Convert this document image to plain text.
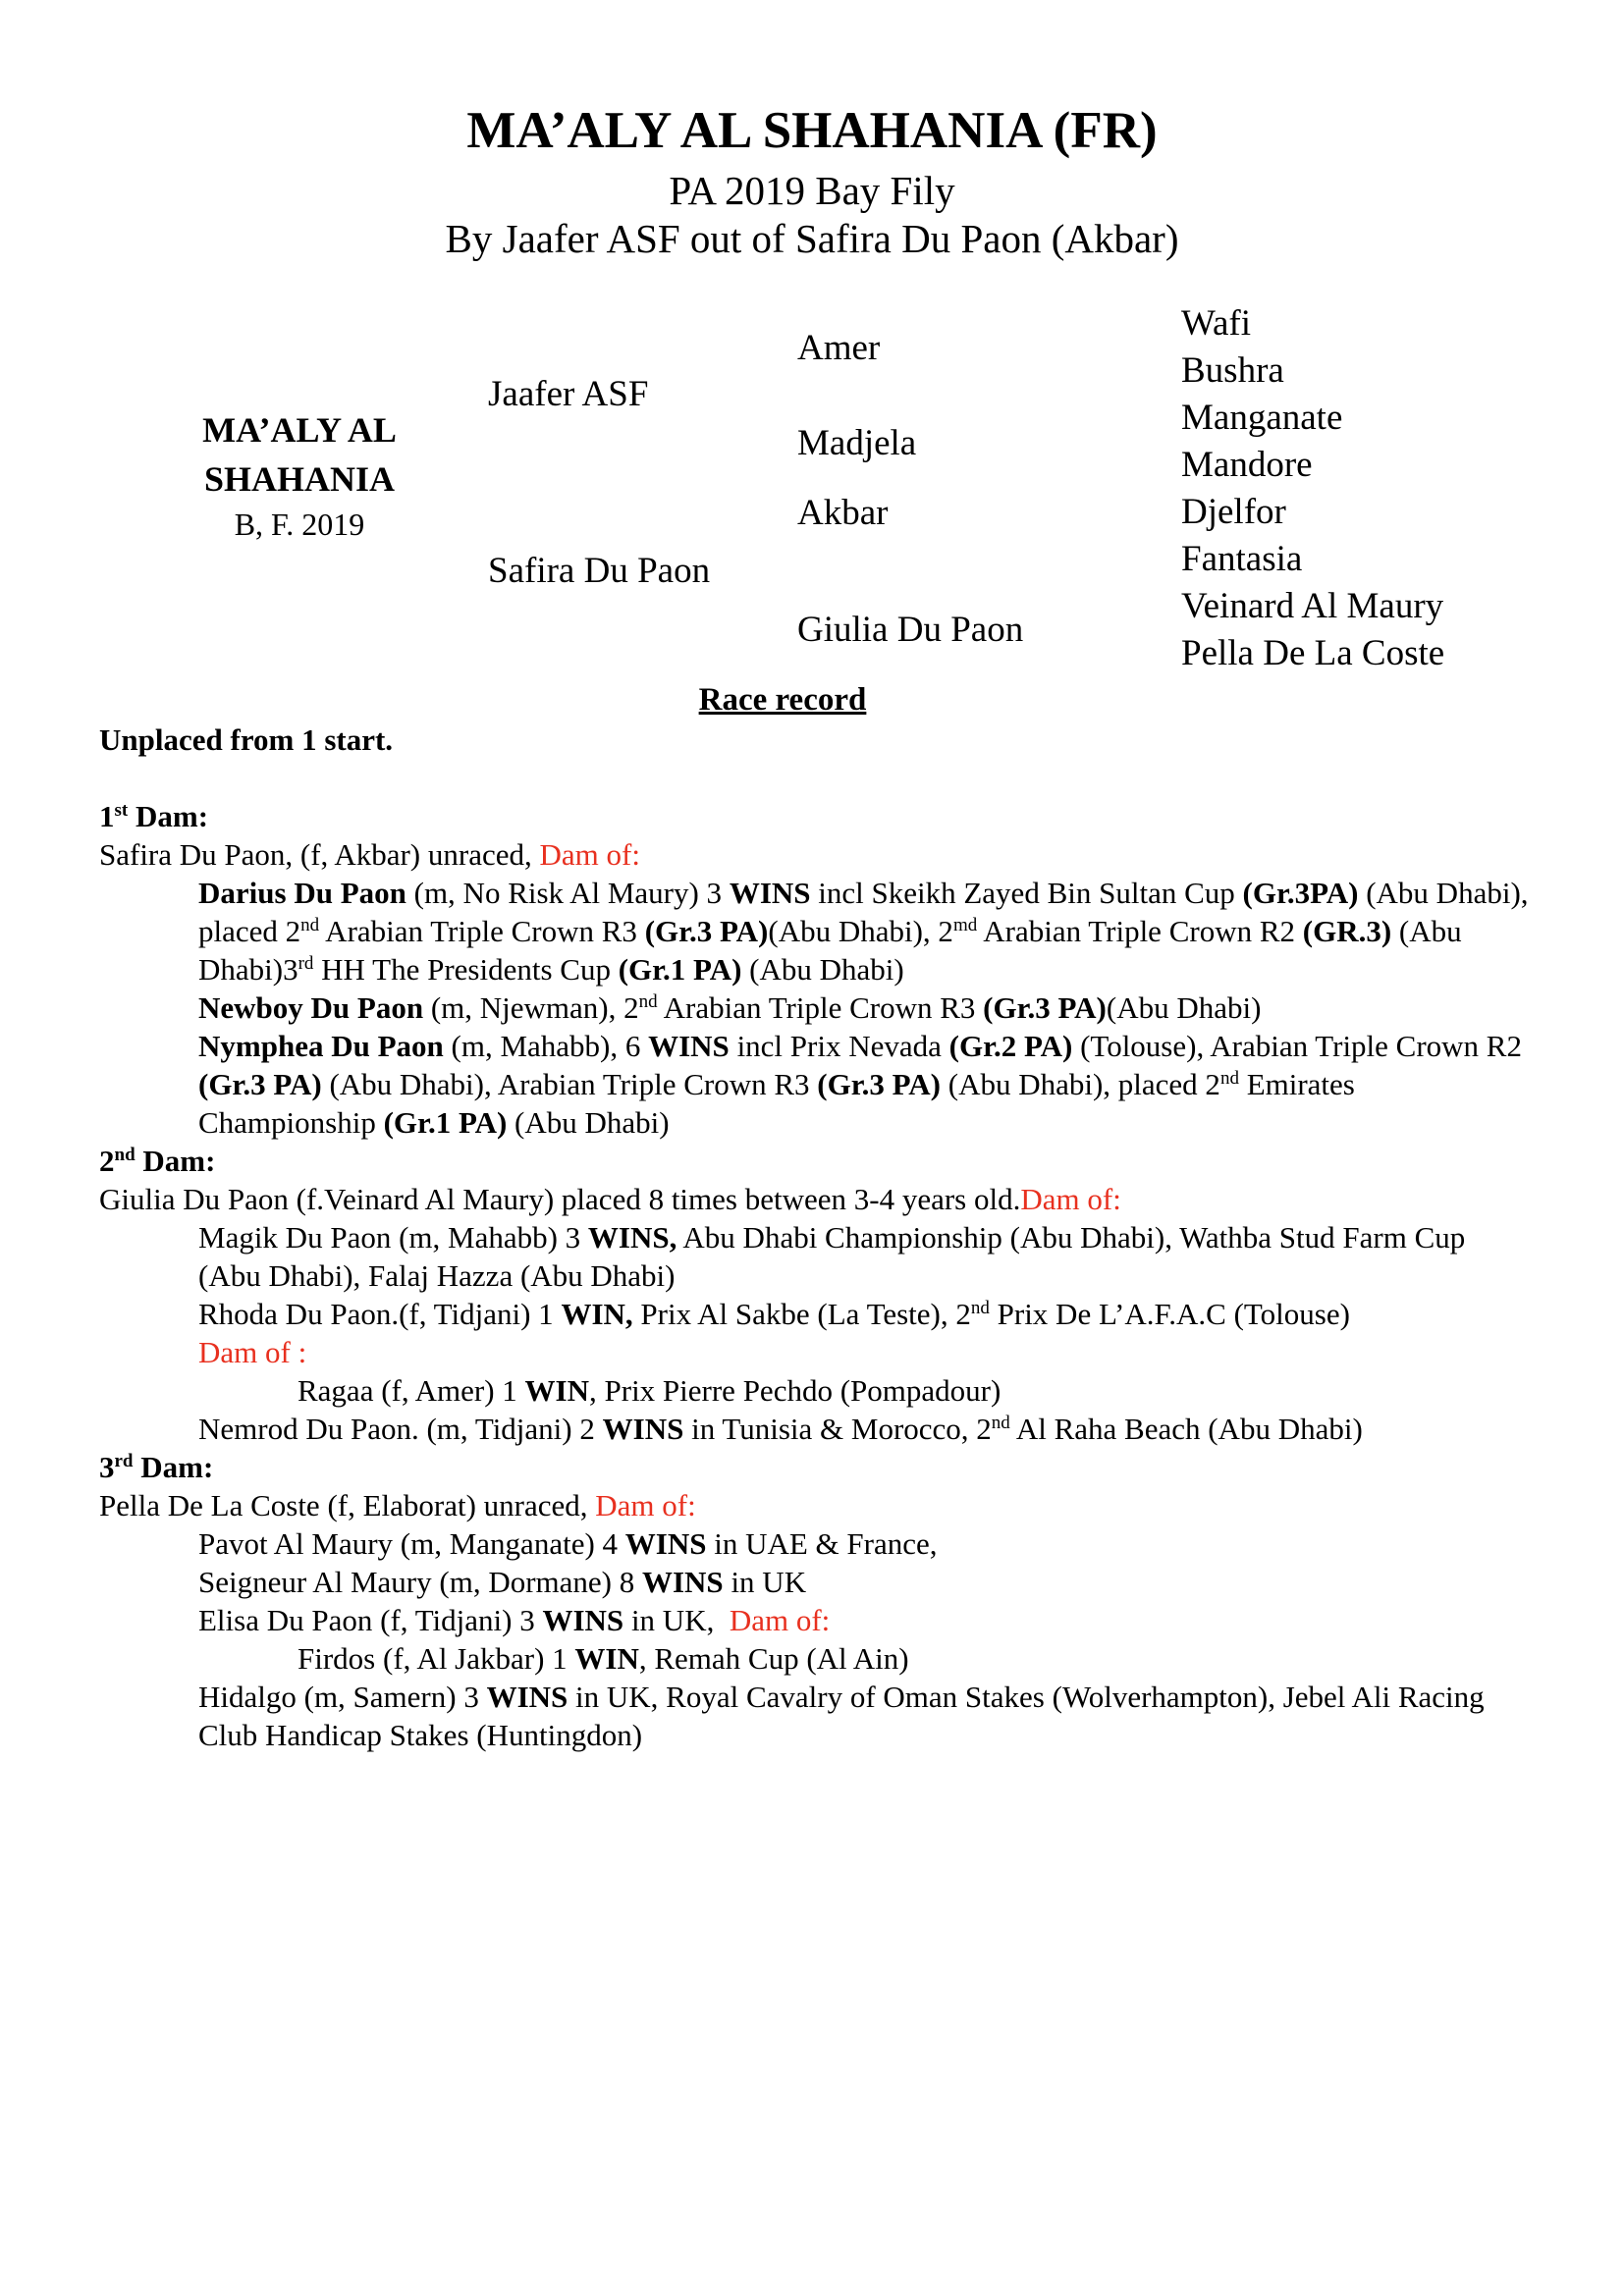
MA’ALY AL SHAHANIA (FR)
PA 2019 Bay Fily
By Jaafer ASF out of Safira Du Paon (Akbar)
MA’ALY AL SHAHANIA
B, F. 2019
Jaafer ASF
Safira Du Paon
Amer
Madjela
Akbar
Giulia Du Paon
Wafi
Bushra
Manganate
Mandore
Djelfor
Fantasia
Veinard Al Maury
Pella De La Coste
Race record
Unplaced from 1 start.
1st Dam:
Safira Du Paon, (f, Akbar) unraced, Dam of:
Darius Du Paon (m, No Risk Al Maury) 3 WINS incl Skeikh Zayed Bin Sultan Cup (Gr.3PA) (Abu Dhabi), placed 2nd Arabian Triple Crown R3 (Gr.3 PA)(Abu Dhabi), $2^{md}$ Arabian Triple Crown R2 (GR.3) (Abu Dhabi)3rd HH The Presidents Cup (Gr.1 PA) (Abu Dhabi)
Newboy Du Paon (m, Njewman), 2nd Arabian Triple Crown R3 (Gr.3 PA)(Abu Dhabi)
Nymphea Du Paon (m, Mahabb), 6 WINS incl Prix Nevada (Gr.2 PA) (Tolouse), Arabian Triple Crown R2 (Gr.3 PA) (Abu Dhabi), Arabian Triple Crown R3 (Gr.3 PA) (Abu Dhabi), placed 2nd Emirates Championship (Gr.1 PA) (Abu Dhabi)
2nd Dam:
Giulia Du Paon (f.Veinard Al Maury) placed 8 times between 3-4 years old.Dam of:
Magik Du Paon (m, Mahabb) 3 WINS, Abu Dhabi Championship (Abu Dhabi), Wathba Stud Farm Cup (Abu Dhabi), Falaj Hazza (Abu Dhabi)
Rhoda Du Paon.(f, Tidjani) 1 WIN, Prix Al Sakbe (La Teste), 2nd Prix De L’A.F.A.C (Tolouse)
Dam of :
Ragaa (f, Amer) 1 WIN, Prix Pierre Pechdo (Pompadour)
Nemrod Du Paon. (m, Tidjani) 2 WINS in Tunisia & Morocco, 2nd Al Raha Beach (Abu Dhabi)
3rd Dam:
Pella De La Coste (f, Elaborat) unraced, Dam of:
Pavot Al Maury (m, Manganate) 4 WINS in UAE & France,
Seigneur Al Maury (m, Dormane) 8 WINS in UK
Elisa Du Paon (f, Tidjani) 3 WINS in UK,  Dam of:
Firdos (f, Al Jakbar) 1 WIN, Remah Cup (Al Ain)
Hidalgo (m, Samern) 3 WINS in UK, Royal Cavalry of Oman Stakes (Wolverhampton), Jebel Ali Racing Club Handicap Stakes (Huntingdon)
